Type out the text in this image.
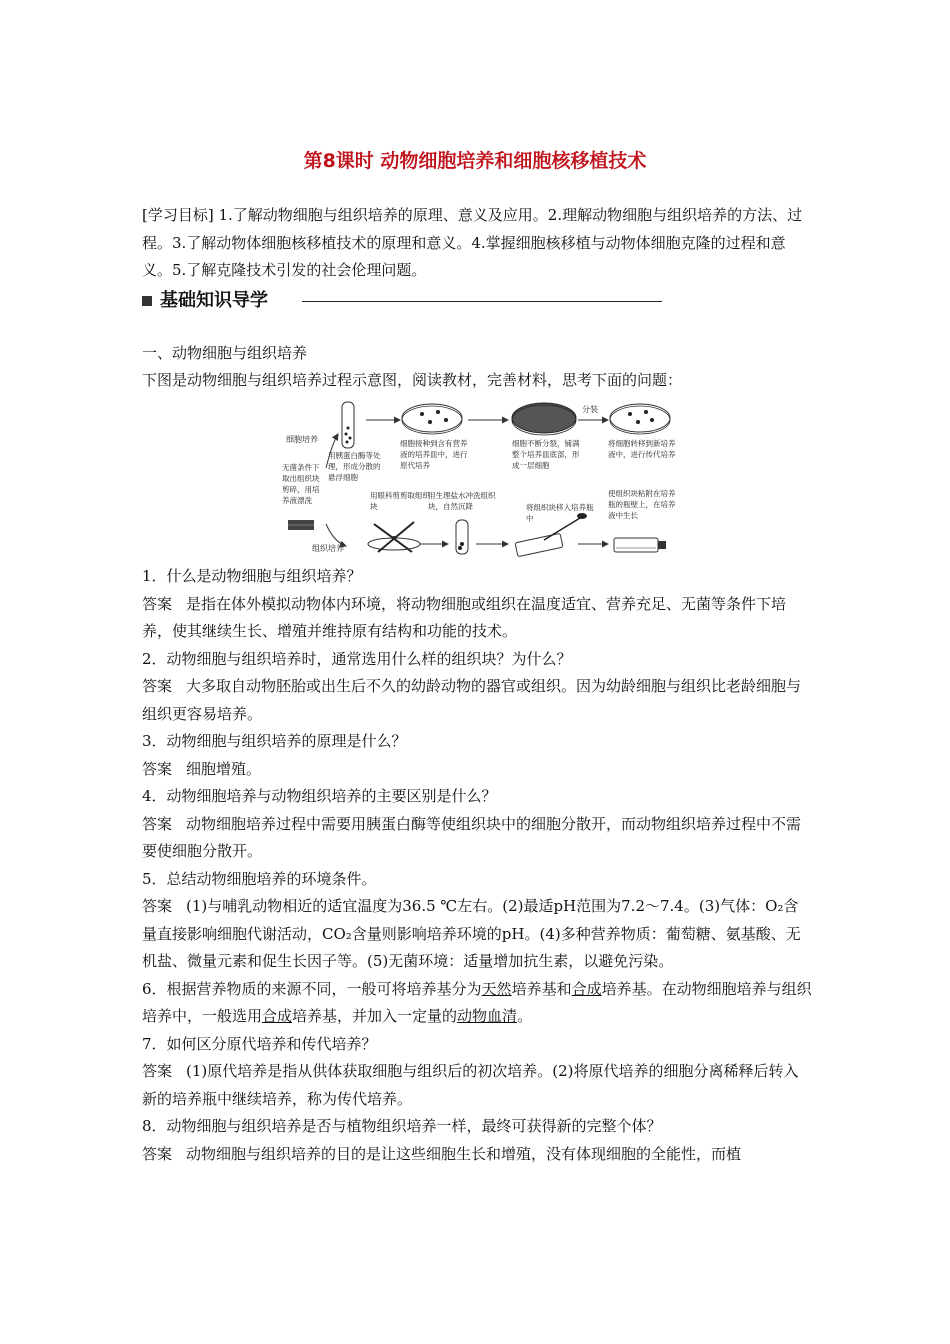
第8课时 动物细胞培养和细胞核移植技术
[学习目标] 1.了解动物细胞与组织培养的原理、意义及应用。2.理解动物细胞与组织培养的方法、过程。3.了解动物体细胞核移植技术的原理和意义。4.掌握细胞核移植与动物体细胞克隆的过程和意义。5.了解克隆技术引发的社会伦理问题。
基础知识导学
一、动物细胞与组织培养
下图是动物细胞与组织培养过程示意图，阅读教材，完善材料，思考下面的问题：
细胞培养
组织培养
无菌条件下取出组织块剪碎，用培养液漂洗
用胰蛋白酶等处理，形成分散的悬浮细胞
细胞接种到含有营养液的培养皿中，进行原代培养
细胞不断分裂，铺满整个培养皿底部，形成一层细胞
分装
将细胞转移到新培养液中，进行传代培养
用眼科剪剪取组织块
用生理盐水冲洗组织块，自然沉降	将组织块移入培养瓶中
使组织块粘附在培养瓶的瓶壁上，在培养液中生长
1．什么是动物细胞与组织培养？
答案 是指在体外模拟动物体内环境，将动物细胞或组织在温度适宜、营养充足、无菌等条件下培养，使其继续生长、增殖并维持原有结构和功能的技术。
2．动物细胞与组织培养时，通常选用什么样的组织块？为什么？
答案 大多取自动物胚胎或出生后不久的幼龄动物的器官或组织。因为幼龄细胞与组织比老龄细胞与组织更容易培养。
3．动物细胞与组织培养的原理是什么？
答案 细胞增殖。
4．动物细胞培养与动物组织培养的主要区别是什么？
答案 动物细胞培养过程中需要用胰蛋白酶等使组织块中的细胞分散开，而动物组织培养过程中不需要使细胞分散开。
5．总结动物细胞培养的环境条件。
答案 (1)与哺乳动物相近的适宜温度为36.5 ℃左右。(2)最适pH范围为7.2～7.4。(3)气体：O₂含量直接影响细胞代谢活动，CO₂含量则影响培养环境的pH。(4)多种营养物质：葡萄糖、氨基酸、无机盐、微量元素和促生长因子等。(5)无菌环境：适量增加抗生素，以避免污染。
6．根据营养物质的来源不同，一般可将培养基分为天然培养基和合成培养基。在动物细胞培养与组织培养中，一般选用合成培养基，并加入一定量的动物血清。
7．如何区分原代培养和传代培养？
答案 (1)原代培养是指从供体获取细胞与组织后的初次培养。(2)将原代培养的细胞分离稀释后转入新的培养瓶中继续培养，称为传代培养。
8．动物细胞与组织培养是否与植物组织培养一样，最终可获得新的完整个体？
答案 动物细胞与组织培养的目的是让这些细胞生长和增殖，没有体现细胞的全能性，而植
